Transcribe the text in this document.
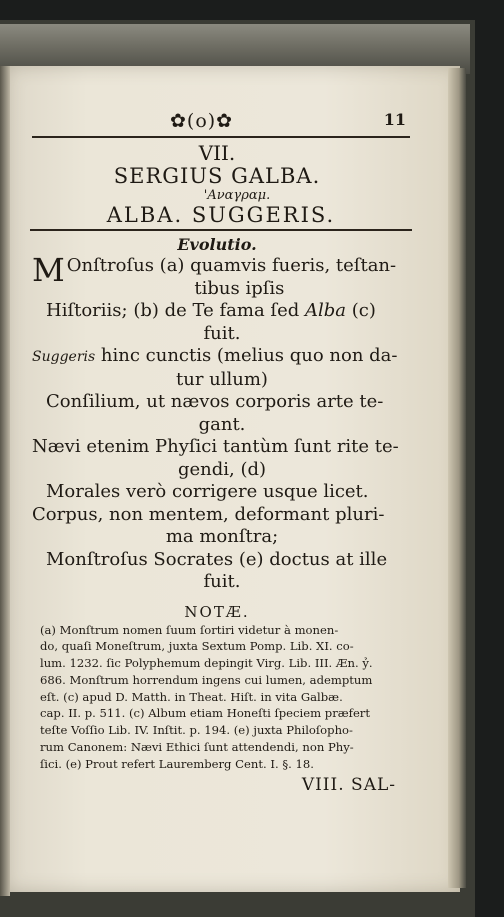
✿(o)✿	11
VII.
SERGIUS GALBA.
'Αναγραμ.
ALBA. SUGGERIS.
Evolutio.
M Onſtroſus (a) quamvis fueris, teſtan-
tibus ipſis
Hiſtoriis; (b) de Te fama ſed Alba (c)
fuit.
Suggeris hinc cunctis (melius quo non da-
tur ullum)
Conſilium, ut nævos corporis arte te-
gant.
Nævi etenim Phyſici tantùm ſunt rite te-
gendi, (d)
Morales verò corrigere usque licet.
Corpus, non mentem, deformant pluri-
ma monſtra;
Monſtroſus Socrates (e) doctus at ille
fuit.
NOTÆ.
(a) Monſtrum nomen ſuum ſortiri videtur à monen-
do, quaſi Moneſtrum, juxta Sextum Pomp. Lib. XI. co-
lum. 1232. ſic Polyphemum depingit Virg. Lib. III. Æn. ỷ.
686. Monſtrum horrendum ingens cui lumen, ademptum
eſt. (c) apud D. Matth. in Theat. Hiſt. in vita Galbæ.
cap. II. p. 511. (c) Album etiam Honeſti ſpeciem præfert
teſte Voſſio Lib. IV. Inſtit. p. 194. (e) juxta Philoſopho-
rum Canonem: Nævi Ethici ſunt attendendi, non Phy-
ſici. (e) Prout refert Lauremberg Cent. I. §. 18.
VIII. SAL-
